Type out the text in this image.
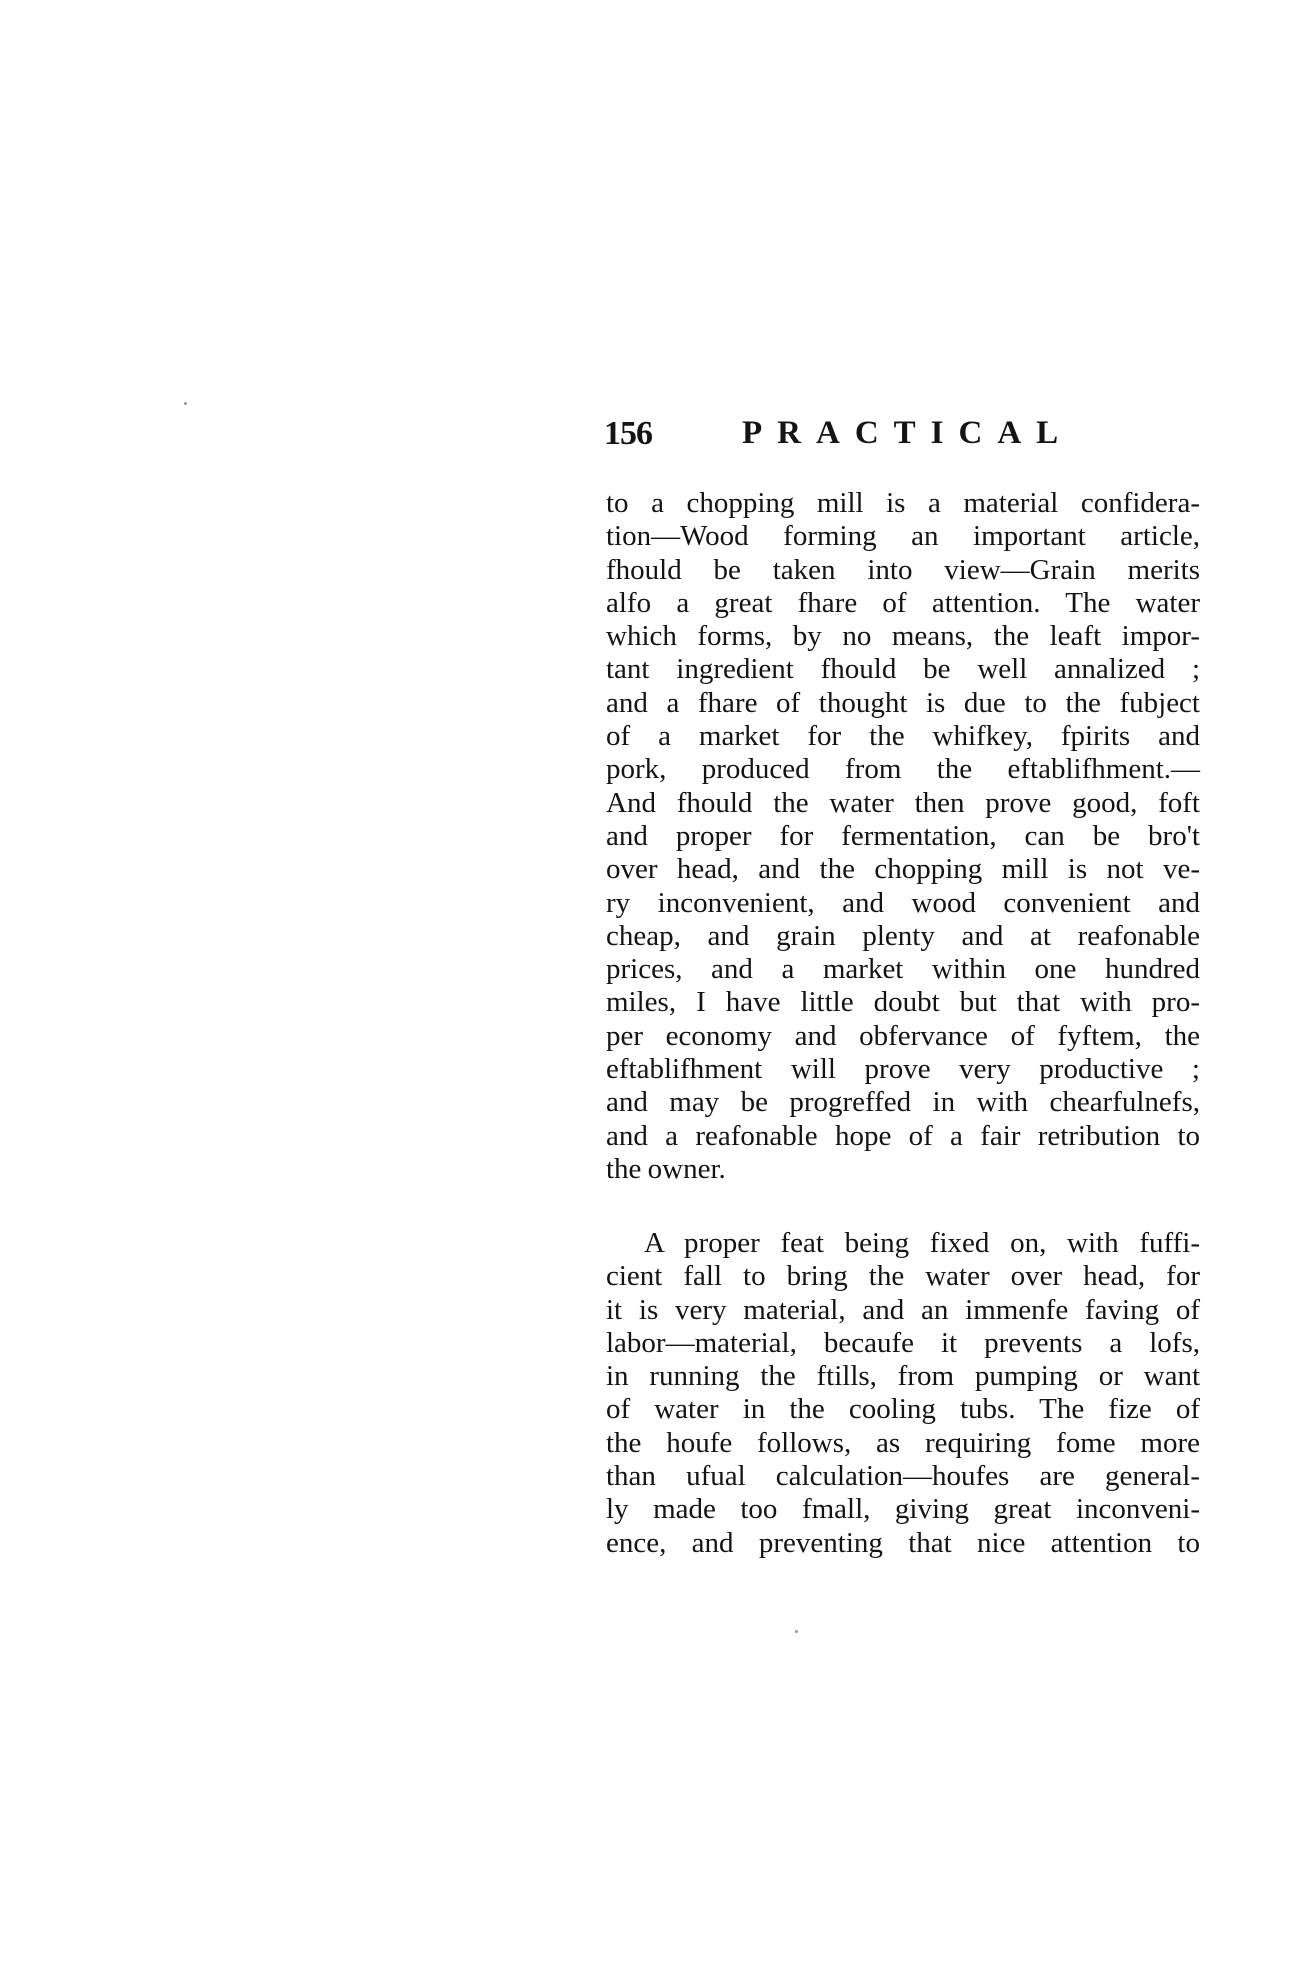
156	PRACTICAL
to a chopping mill is a material confidera-
tion—Wood forming an important article,
fhould be taken into view—Grain merits
alfo a great fhare of attention. The water
which forms, by no means, the leaft impor-
tant ingredient fhould be well annalized ;
and a fhare of thought is due to the fubject
of a market for the whifkey, fpirits and
pork, produced from the eftablifhment.—
And fhould the water then prove good, foft
and proper for fermentation, can be bro't
over head, and the chopping mill is not ve-
ry inconvenient, and wood convenient and
cheap, and grain plenty and at reafonable
prices, and a market within one hundred
miles, I have little doubt but that with pro-
per economy and obfervance of fyftem, the
eftablifhment will prove very productive ;
and may be progreffed in with chearfulnefs,
and a reafonable hope of a fair retribution to
the owner.
A proper feat being fixed on, with fuffi-
cient fall to bring the water over head, for
it is very material, and an immenfe faving of
labor—material, becaufe it prevents a lofs,
in running the ftills, from pumping or want
of water in the cooling tubs. The fize of
the houfe follows, as requiring fome more
than ufual calculation—houfes are general-
ly made too fmall, giving great inconveni-
ence, and preventing that nice attention to
